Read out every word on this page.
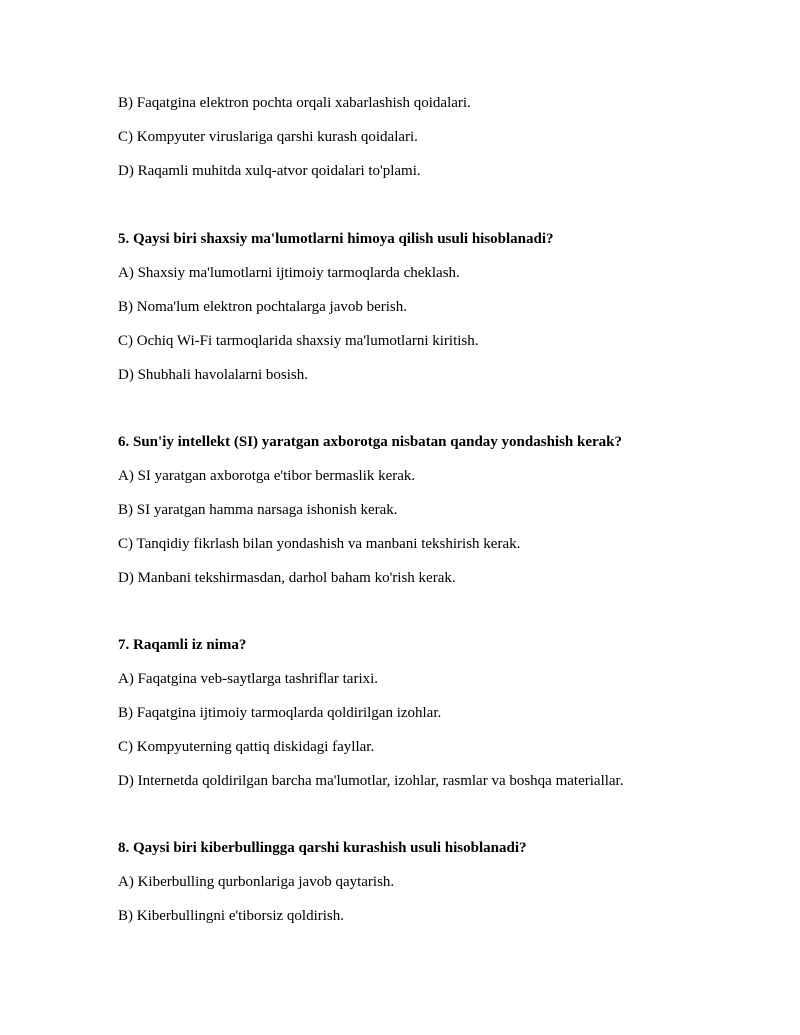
B) Faqatgina elektron pochta orqali xabarlashish qoidalari.

C) Kompyuter viruslariga qarshi kurash qoidalari.

D) Raqamli muhitda xulq-atvor qoidalari to'plami.

5. Qaysi biri shaxsiy ma'lumotlarni himoya qilish usuli hisoblanadi?

A) Shaxsiy ma'lumotlarni ijtimoiy tarmoqlarda cheklash.

B) Noma'lum elektron pochtalarga javob berish.

C) Ochiq Wi-Fi tarmoqlarida shaxsiy ma'lumotlarni kiritish.

D) Shubhali havolalarni bosish.

6. Sun'iy intellekt (SI) yaratgan axborotga nisbatan qanday yondashish kerak?

A) SI yaratgan axborotga e'tibor bermaslik kerak.

B) SI yaratgan hamma narsaga ishonish kerak.

C) Tanqidiy fikrlash bilan yondashish va manbani tekshirish kerak.

D) Manbani tekshirmasdan, darhol baham ko'rish kerak.

7. Raqamli iz nima?

A) Faqatgina veb-saytlarga tashriflar tarixi.

B) Faqatgina ijtimoiy tarmoqlarda qoldirilgan izohlar.

C) Kompyuterning qattiq diskidagi fayllar.

D) Internetda qoldirilgan barcha ma'lumotlar, izohlar, rasmlar va boshqa materiallar.

8. Qaysi biri kiberbullingga qarshi kurashish usuli hisoblanadi?

A) Kiberbulling qurbonlariga javob qaytarish.

B) Kiberbullingni e'tiborsiz qoldirish.
